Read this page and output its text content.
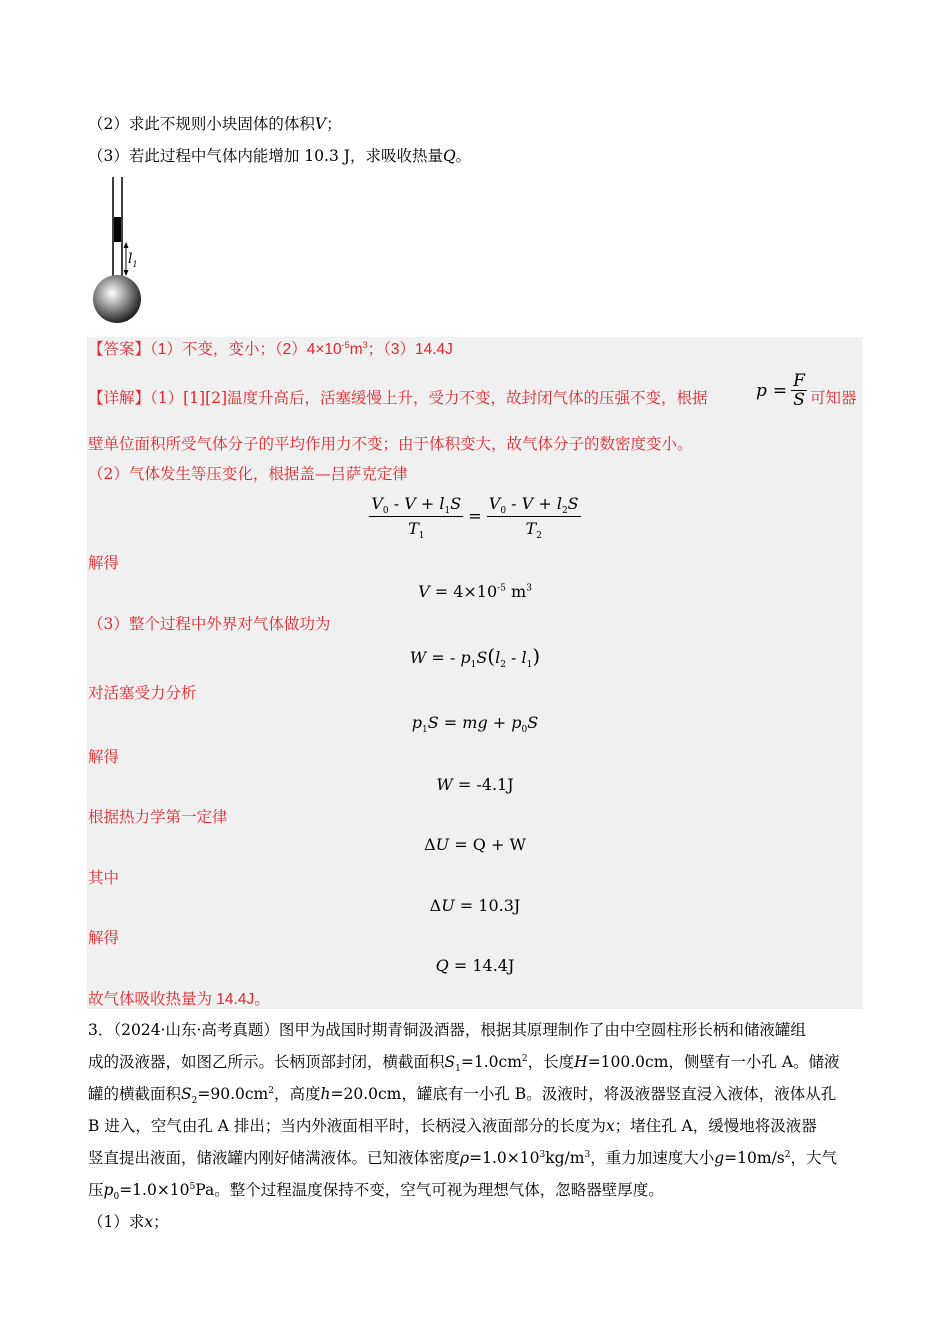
（2）求此不规则小块固体的体积V；
（3）若此过程中气体内能增加 10.3 J，求吸收热量Q。
$l_1$
【答案】（1）不变，变小；$(2)4\times 10^{-5}m^3$；（3）14.4J
【详解】（1）[1][2]温度升高后，活塞缓慢上升，受力不变，故封闭气体的压强不变，根据	$p = \frac{F}{S}$ 可知器
壁单位面积所受气体分子的平均作用力不变；由于体积变大，故气体分子的数密度变小。
（2）气体发生等压变化，根据盖—吕萨克定律
$\frac{V_0 - V + l_1S}{T_1} = \frac{V_0 - V + l_2S}{T_2}$
解得
$V = 4\times 10^{-5}$ $m^3$
（3）整个过程中外界对气体做功为
W = - $p_1S(l_2 - l_1)$
对活塞受力分析
$p_1S$ = mg + $p_0S$
解得
W = -4.1J
根据热力学第一定律
ΔU = Q + W
其中
ΔU = 10.3J
解得
Q = 14.4J
故气体吸收热量为 14.4J。
3．（2024·山东·高考真题）图甲为战国时期青铜汲酒器，根据其原理制作了由中空圆柱形长柄和储液罐组
成的汲液器，如图乙所示。长柄顶部封闭，横截面积$S_1=1.0cm^2$，长度H=100.0cm，侧壁有一小孔 A。储液
罐的横截面积$S_2=90.0cm^2$，高度h=20.0cm，罐底有一小孔 B。汲液时，将汲液器竖直浸入液体，液体从孔
B 进入，空气由孔 A 排出；当内外液面相平时，长柄浸入液面部分的长度为x；堵住孔 A，缓慢地将汲液器
竖直提出液面，储液罐内刚好储满液体。已知液体密度$\rho=1.0\times 10^3kg/m^3$，重力加速度大小$g=10m/s^2$，大气
压$p_0=1.0\times 10^5Pa$。整个过程温度保持不变，空气可视为理想气体，忽略器壁厚度。
（1）求x；
